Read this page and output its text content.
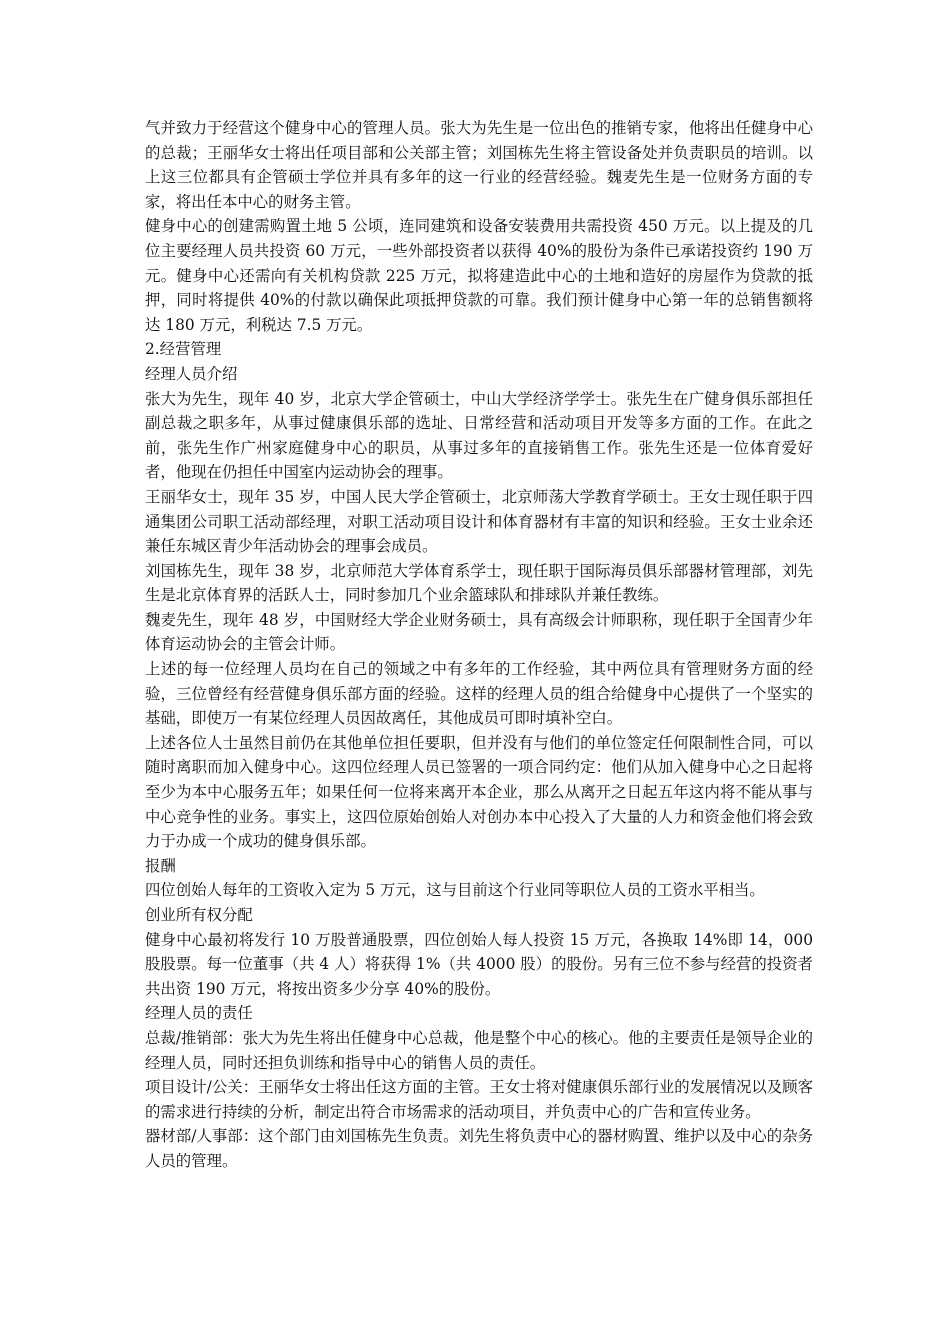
气并致力于经营这个健身中心的管理人员。张大为先生是一位出色的推销专家，他将出任健身中心的总裁；王丽华女士将出任项目部和公关部主管；刘国栋先生将主管设备处并负责职员的培训。以上这三位都具有企管硕士学位并具有多年的这一行业的经营经验。魏麦先生是一位财务方面的专家，将出任本中心的财务主管。

健身中心的创建需购置土地 5 公顷，连同建筑和设备安装费用共需投资 450 万元。以上提及的几位主要经理人员共投资 60 万元，一些外部投资者以获得 40%的股份为条件已承诺投资约 190 万元。健身中心还需向有关机构贷款 225 万元，拟将建造此中心的土地和造好的房屋作为贷款的抵押，同时将提供 40%的付款以确保此项抵押贷款的可靠。我们预计健身中心第一年的总销售额将达 180 万元，利税达 7.5 万元。

2.经营管理

经理人员介绍

张大为先生，现年 40 岁，北京大学企管硕士，中山大学经济学学士。张先生在广健身俱乐部担任副总裁之职多年，从事过健康俱乐部的选址、日常经营和活动项目开发等多方面的工作。在此之前，张先生作广州家庭健身中心的职员，从事过多年的直接销售工作。张先生还是一位体育爱好者，他现在仍担任中国室内运动协会的理事。

王丽华女士，现年 35 岁，中国人民大学企管硕士，北京师荡大学教育学硕士。王女士现任职于四通集团公司职工活动部经理，对职工活动项目设计和体育器材有丰富的知识和经验。王女士业余还兼任东城区青少年活动协会的理事会成员。

刘国栋先生，现年 38 岁，北京师范大学体育系学士，现任职于国际海员俱乐部器材管理部，刘先生是北京体育界的活跃人士，同时参加几个业余篮球队和排球队并兼任教练。

魏麦先生，现年 48 岁，中国财经大学企业财务硕士，具有高级会计师职称，现任职于全国青少年体育运动协会的主管会计师。

上述的每一位经理人员均在自己的领域之中有多年的工作经验，其中两位具有管理财务方面的经验，三位曾经有经营健身俱乐部方面的经验。这样的经理人员的组合给健身中心提供了一个坚实的基础，即使万一有某位经理人员因故离任，其他成员可即时填补空白。

上述各位人士虽然目前仍在其他单位担任要职，但并没有与他们的单位签定任何限制性合同，可以随时离职而加入健身中心。这四位经理人员已签署的一项合同约定：他们从加入健身中心之日起将至少为本中心服务五年；如果任何一位将来离开本企业，那么从离开之日起五年这内将不能从事与中心竞争性的业务。事实上，这四位原始创始人对创办本中心投入了大量的人力和资金他们将会致力于办成一个成功的健身俱乐部。

报酬

四位创始人每年的工资收入定为 5 万元，这与目前这个行业同等职位人员的工资水平相当。

创业所有权分配

健身中心最初将发行 10 万股普通股票，四位创始人每人投资 15 万元，各换取 14%即 14，000 股股票。每一位董事（共 4 人）将获得 1%（共 4000 股）的股份。另有三位不参与经营的投资者共出资 190 万元，将按出资多少分享 40%的股份。

经理人员的责任

总裁/推销部：张大为先生将出任健身中心总裁，他是整个中心的核心。他的主要责任是领导企业的经理人员，同时还担负训练和指导中心的销售人员的责任。

项目设计/公关：王丽华女士将出任这方面的主管。王女士将对健康俱乐部行业的发展情况以及顾客的需求进行持续的分析，制定出符合市场需求的活动项目，并负责中心的广告和宣传业务。

器材部/人事部：这个部门由刘国栋先生负责。刘先生将负责中心的器材购置、维护以及中心的杂务人员的管理。
